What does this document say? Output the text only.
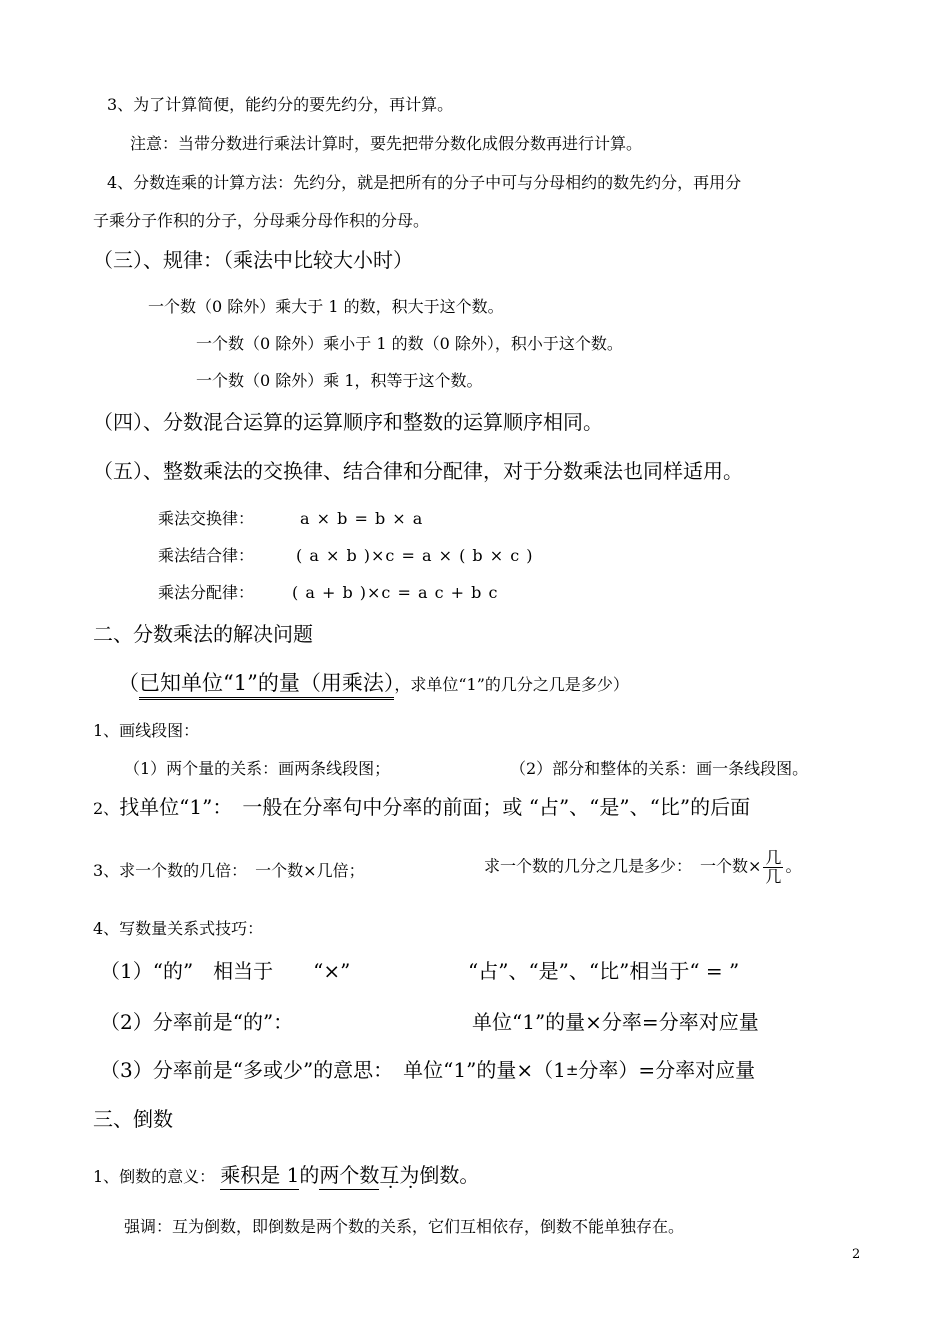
3、为了计算简便，能约分的要先约分，再计算。
注意：当带分数进行乘法计算时，要先把带分数化成假分数再进行计算。
4、分数连乘的计算方法：先约分，就是把所有的分子中可与分母相约的数先约分，再用分
子乘分子作积的分子，分母乘分母作积的分母。
（三）、规律：（乘法中比较大小时）
一个数（0 除外）乘大于 1 的数，积大于这个数。
一个数（0 除外）乘小于 1 的数（0 除外），积小于这个数。
一个数（0 除外）乘 1，积等于这个数。
（四）、分数混合运算的运算顺序和整数的运算顺序相同。
（五）、整数乘法的交换律、结合律和分配律，对于分数乘法也同样适用。
乘法交换律：	a × b = b × a
乘法结合律：	( a × b )×c = a × ( b × c )
乘法分配律： ( a + b )×c = a c + b c
二、分数乘法的解决问题
（已知单位“1”的量（用乘法），求单位“1”的几分之几是多少）
1、画线段图：
（1）两个量的关系：画两条线段图；	（2）部分和整体的关系：画一条线段图。
2、找单位“1”：　一般在分率句中分率的前面；或 “占”、“是”、“比”的后面
3、求一个数的几倍：　一个数×几倍；	求一个数的几分之几是多少：　一个数× $\frac{\text{几}}{\text{几}}$ 。
4、写数量关系式技巧：
（1）“的”　相当于　　“×”	“占”、“是”、“比”相当于“ = ”
（2）分率前是“的”：	单位“1”的量×分率=分率对应量
（3）分率前是“多或少”的意思：　单位“1”的量×（1±分率）=分率对应量
三、倒数
1、倒数的意义： 乘积是 1的两个数互为倒数。
强调：互为倒数，即倒数是两个数的关系，它们互相依存，倒数不能单独存在。
2
